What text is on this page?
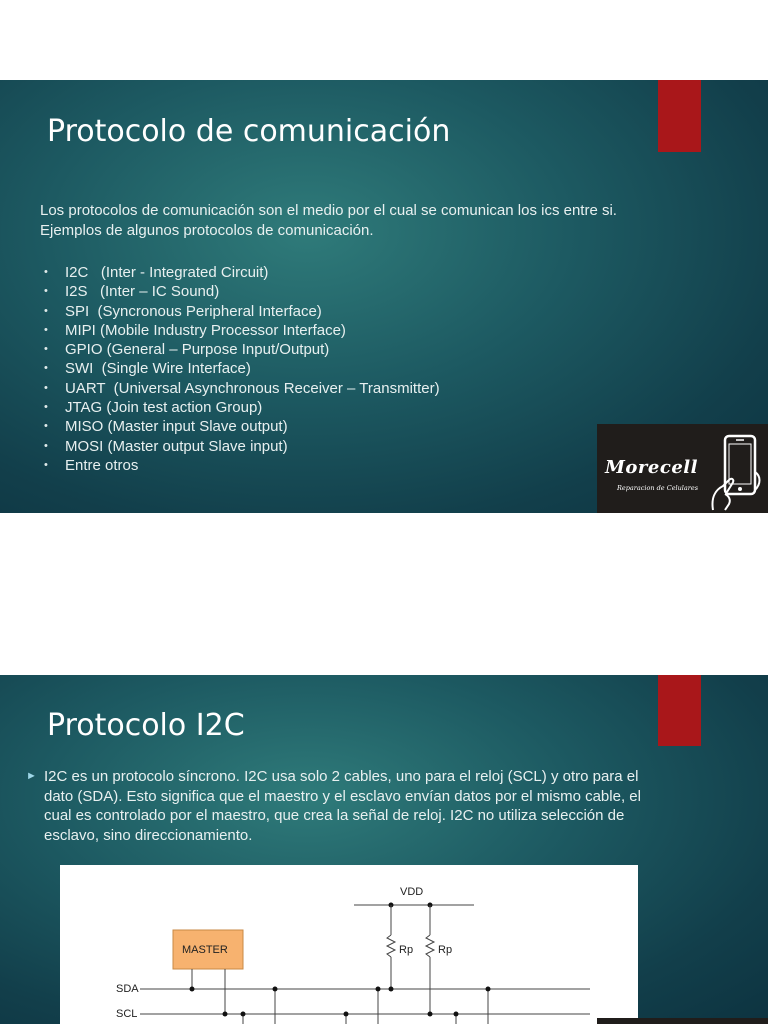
Protocolo de comunicación

Los protocolos de comunicación son el medio por el cual se comunican los ics entre si. Ejemplos de algunos protocolos de comunicación.

• I2C   (Inter - Integrated Circuit)
• I2S   (Inter – IC Sound)
• SPI  (Syncronous Peripheral Interface)
• MIPI (Mobile Industry Processor Interface)
• GPIO (General – Purpose Input/Output)
• SWI  (Single Wire Interface)
• UART  (Universal Asynchronous Receiver – Transmitter)
• JTAG (Join test action Group)
• MISO (Master input Slave output)
• MOSI (Master output Slave input)
• Entre otros	Morecell
Reparacion de Celulares
Protocolo I2C
► I2C es un protocolo síncrono. I2C usa solo 2 cables, uno para el reloj (SCL) y otro para el dato (SDA). Esto significa que el maestro y el esclavo envían datos por el mismo cable, el cual es controlado por el maestro, que crea la señal de reloj. I2C no utiliza selección de esclavo, sino direccionamiento.

VDD
Rp Rp
MASTER
SDA
SCL
